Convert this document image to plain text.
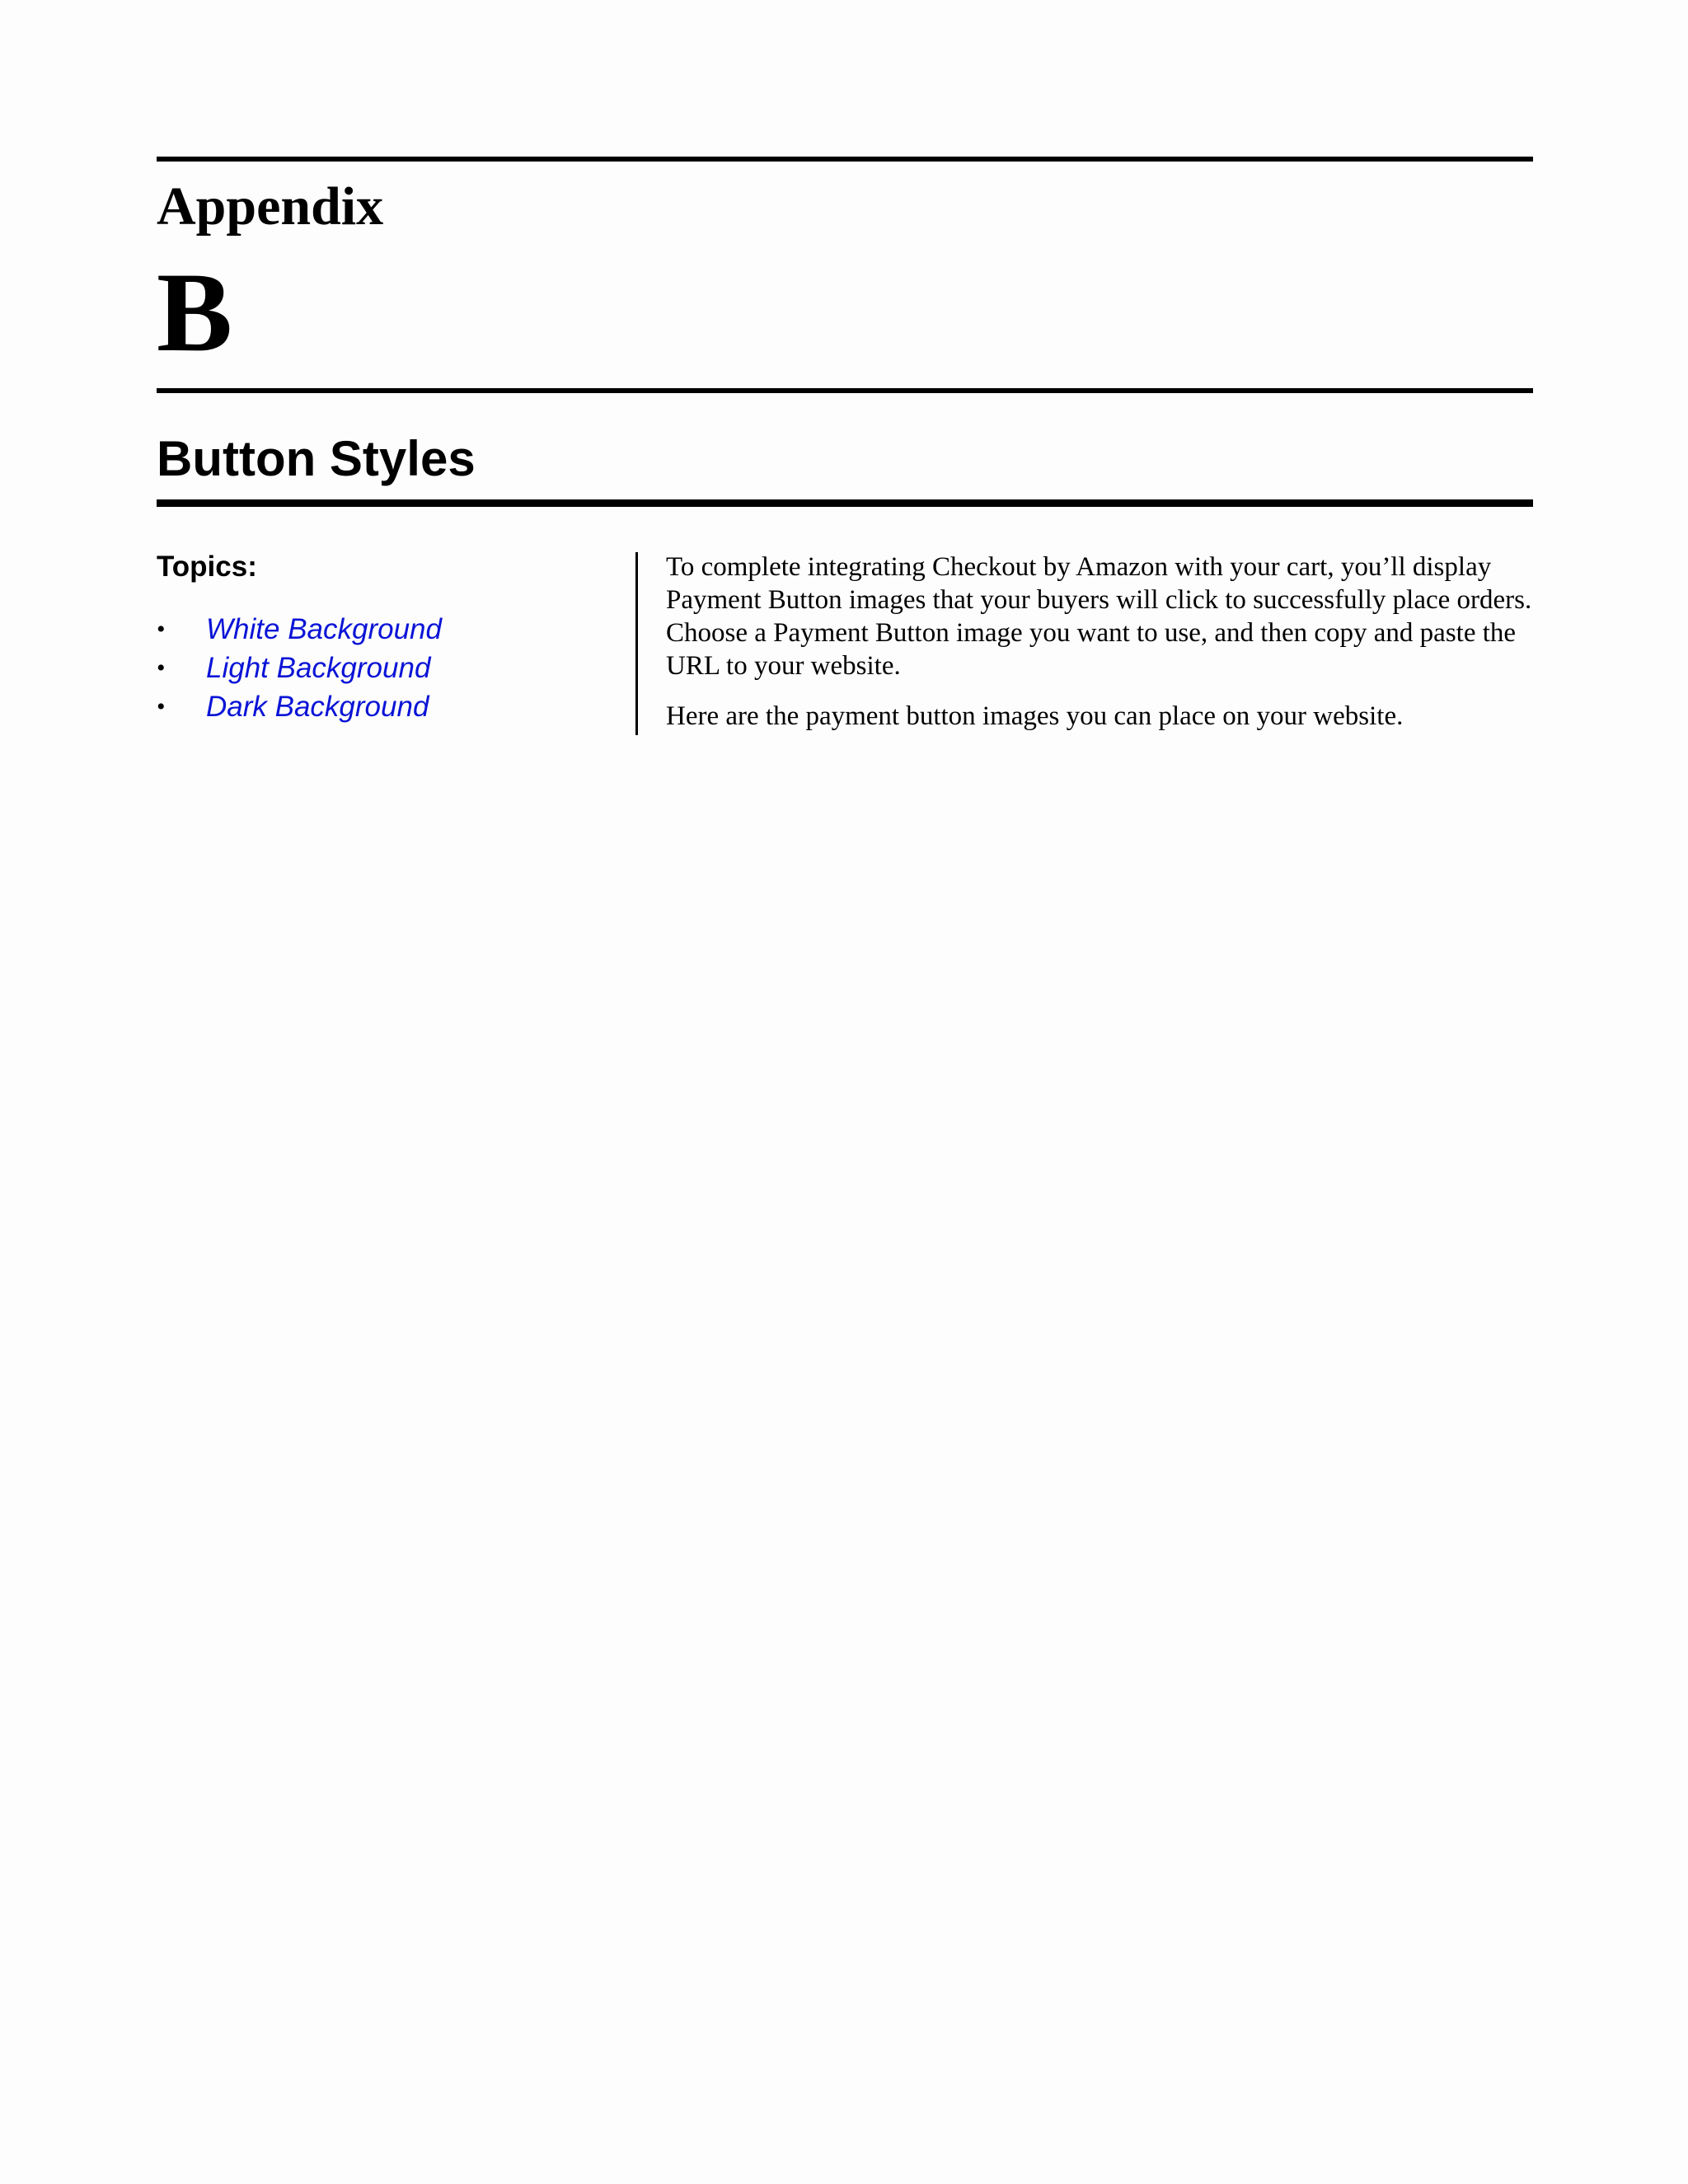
Appendix
B
Button Styles
Topics:
• White Background
• Light Background
• Dark Background

To complete integrating Checkout by Amazon with your cart, you’ll display Payment Button images that your buyers will click to successfully place orders. Choose a Payment Button image you want to use, and then copy and paste the URL to your website.

Here are the payment button images you can place on your website.
